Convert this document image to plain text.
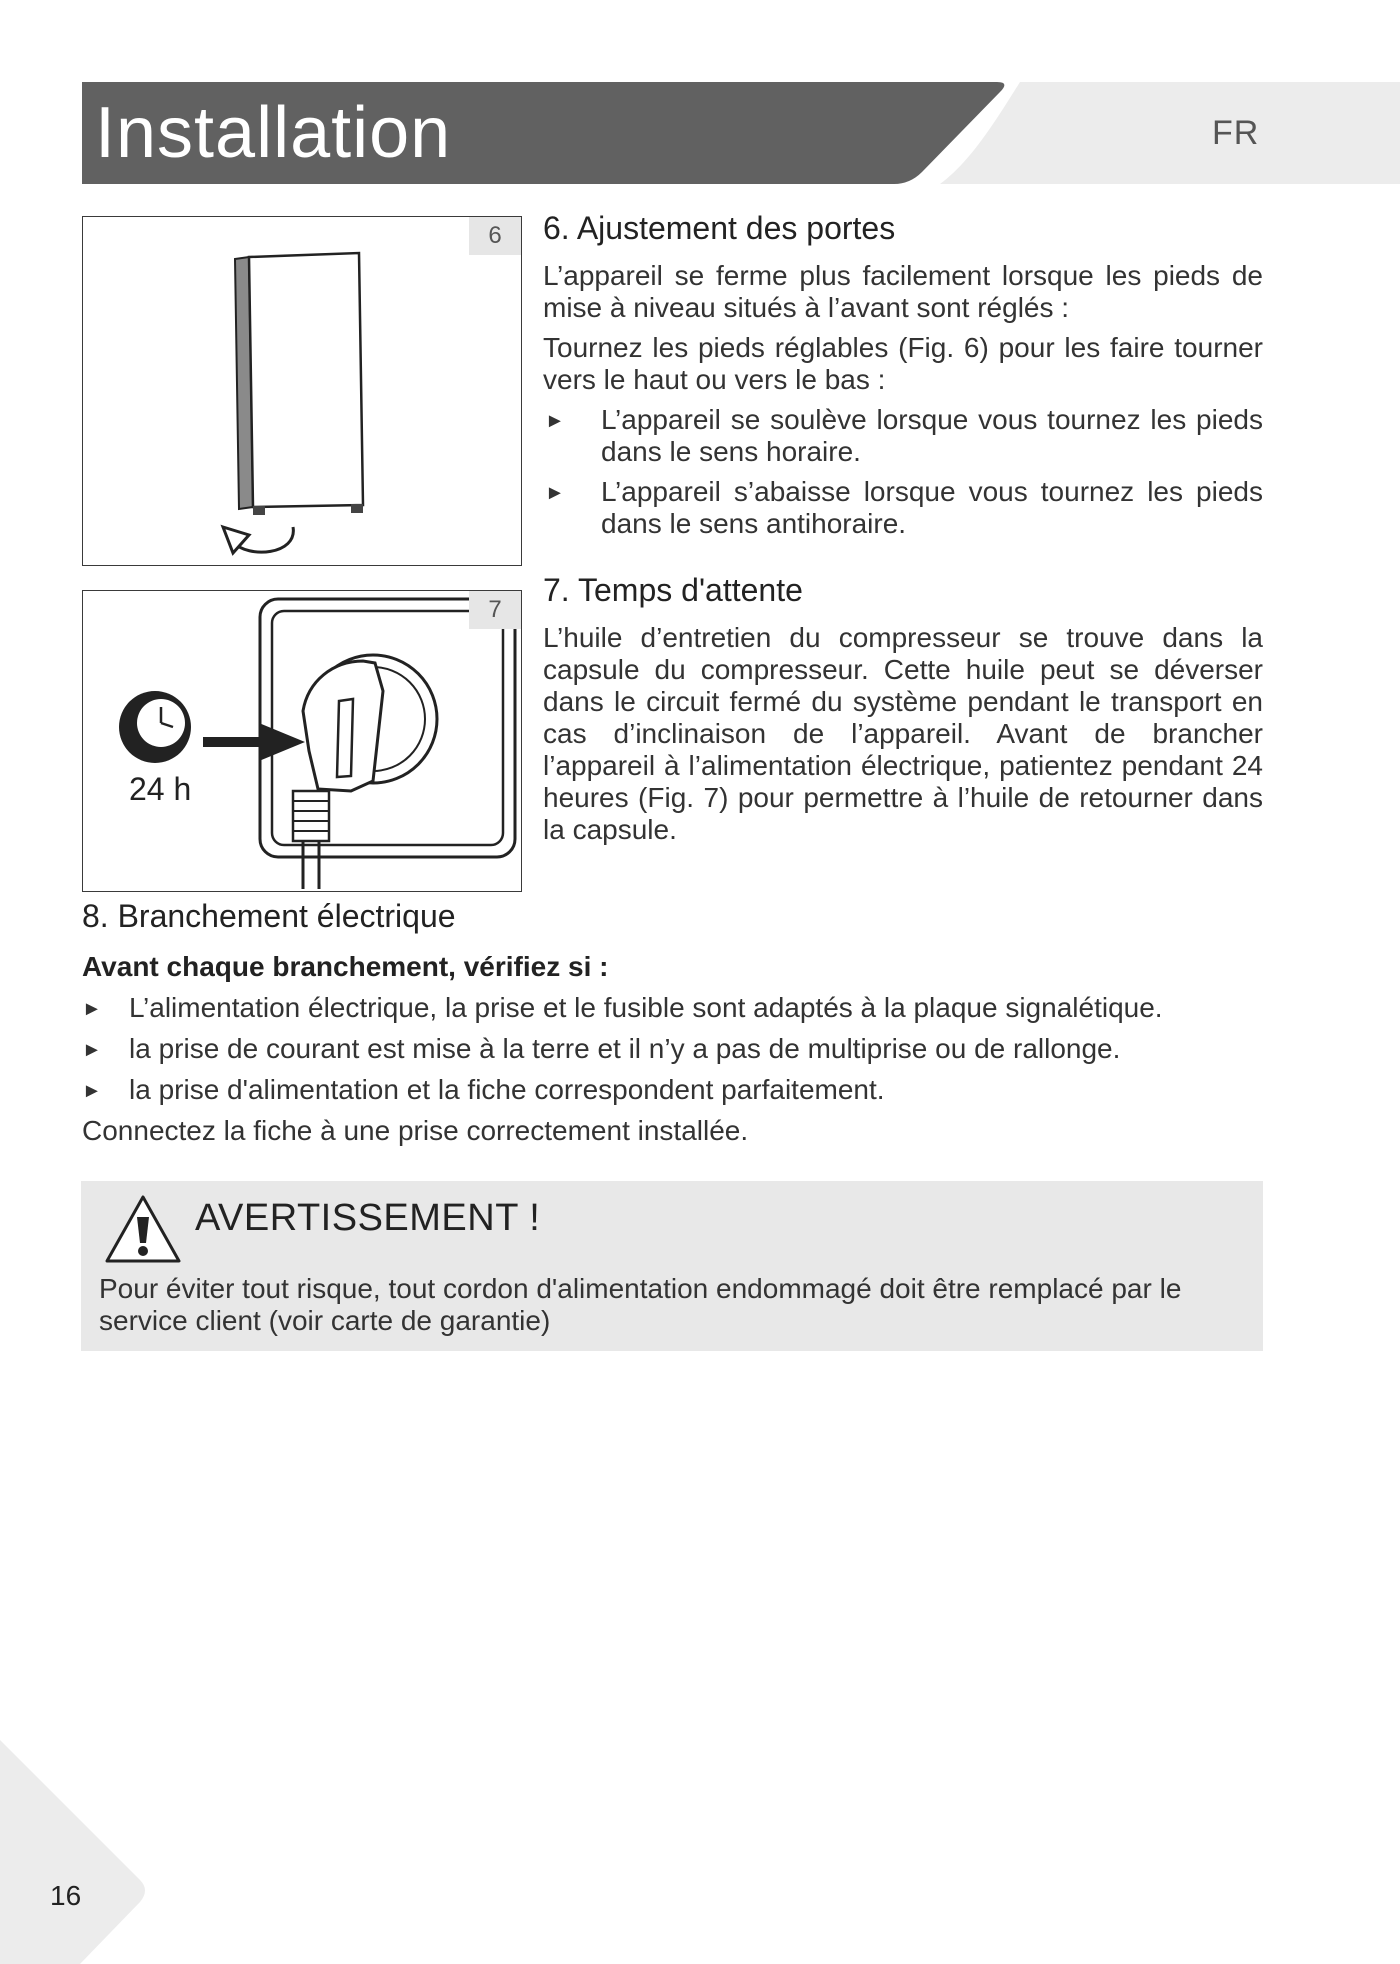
Installation	FR
6
24 h
7
6. Ajustement des portes
L’appareil se ferme plus facilement lorsque les pieds de mise à niveau situés à l’avant sont réglés :
Tournez les pieds réglables (Fig. 6) pour les faire tourner vers le haut ou vers le bas :
► L’appareil se soulève lorsque vous tournez les pieds dans le sens horaire.
► L’appareil s’abaisse lorsque vous tournez les pieds dans le sens antihoraire.
7. Temps d'attente
L’huile d’entretien du compresseur se trouve dans la capsule du compresseur. Cette huile peut se déverser dans le circuit fermé du système pendant le transport en cas d’inclinaison de l’appareil. Avant de brancher l’appareil à l’alimentation électrique, patientez pendant 24 heures (Fig. 7) pour permettre à l’huile de retourner dans la capsule.
8. Branchement électrique
Avant chaque branchement, vérifiez si :
► L’alimentation électrique, la prise et le fusible sont adaptés à la plaque signalétique.
► la prise de courant est mise à la terre et il n’y a pas de multiprise ou de rallonge.
► la prise d'alimentation et la fiche correspondent parfaitement.
Connectez la fiche à une prise correctement installée.
AVERTISSEMENT !
Pour éviter tout risque, tout cordon d'alimentation endommagé doit être remplacé par le service client (voir carte de garantie)
16
